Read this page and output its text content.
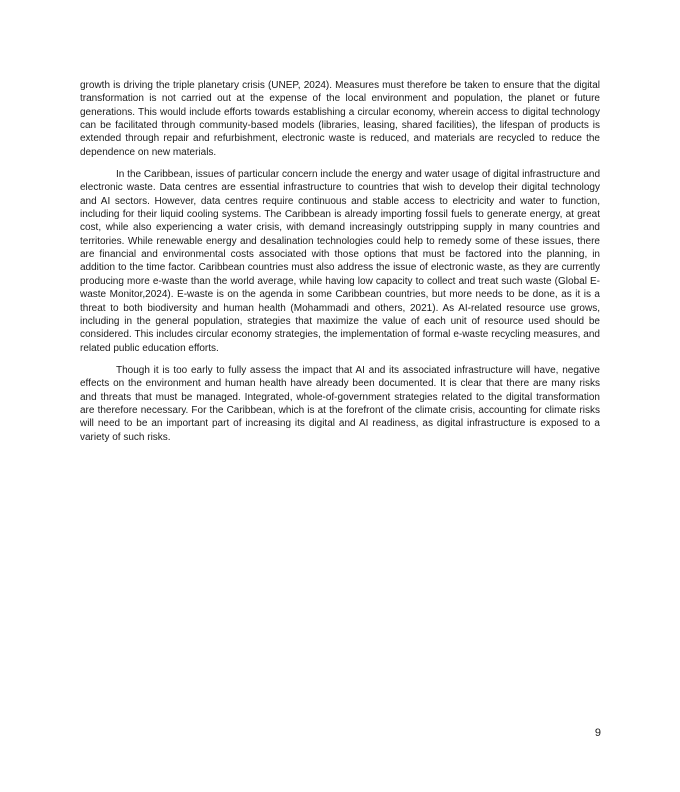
growth is driving the triple planetary crisis (UNEP, 2024). Measures must therefore be taken to ensure that the digital transformation is not carried out at the expense of the local environment and population, the planet or future generations. This would include efforts towards establishing a circular economy, wherein access to digital technology can be facilitated through community-based models (libraries, leasing, shared facilities), the lifespan of products is extended through repair and refurbishment, electronic waste is reduced, and materials are recycled to reduce the dependence on new materials.

In the Caribbean, issues of particular concern include the energy and water usage of digital infrastructure and electronic waste. Data centres are essential infrastructure to countries that wish to develop their digital technology and AI sectors. However, data centres require continuous and stable access to electricity and water to function, including for their liquid cooling systems. The Caribbean is already importing fossil fuels to generate energy, at great cost, while also experiencing a water crisis, with demand increasingly outstripping supply in many countries and territories. While renewable energy and desalination technologies could help to remedy some of these issues, there are financial and environmental costs associated with those options that must be factored into the planning, in addition to the time factor. Caribbean countries must also address the issue of electronic waste, as they are currently producing more e-waste than the world average, while having low capacity to collect and treat such waste (Global E-waste Monitor,2024). E-waste is on the agenda in some Caribbean countries, but more needs to be done, as it is a threat to both biodiversity and human health (Mohammadi and others, 2021). As AI-related resource use grows, including in the general population, strategies that maximize the value of each unit of resource used should be considered. This includes circular economy strategies, the implementation of formal e-waste recycling measures, and related public education efforts.

Though it is too early to fully assess the impact that AI and its associated infrastructure will have, negative effects on the environment and human health have already been documented. It is clear that there are many risks and threats that must be managed. Integrated, whole-of-government strategies related to the digital transformation are therefore necessary. For the Caribbean, which is at the forefront of the climate crisis, accounting for climate risks will need to be an important part of increasing its digital and AI readiness, as digital infrastructure is exposed to a variety of such risks.

9
